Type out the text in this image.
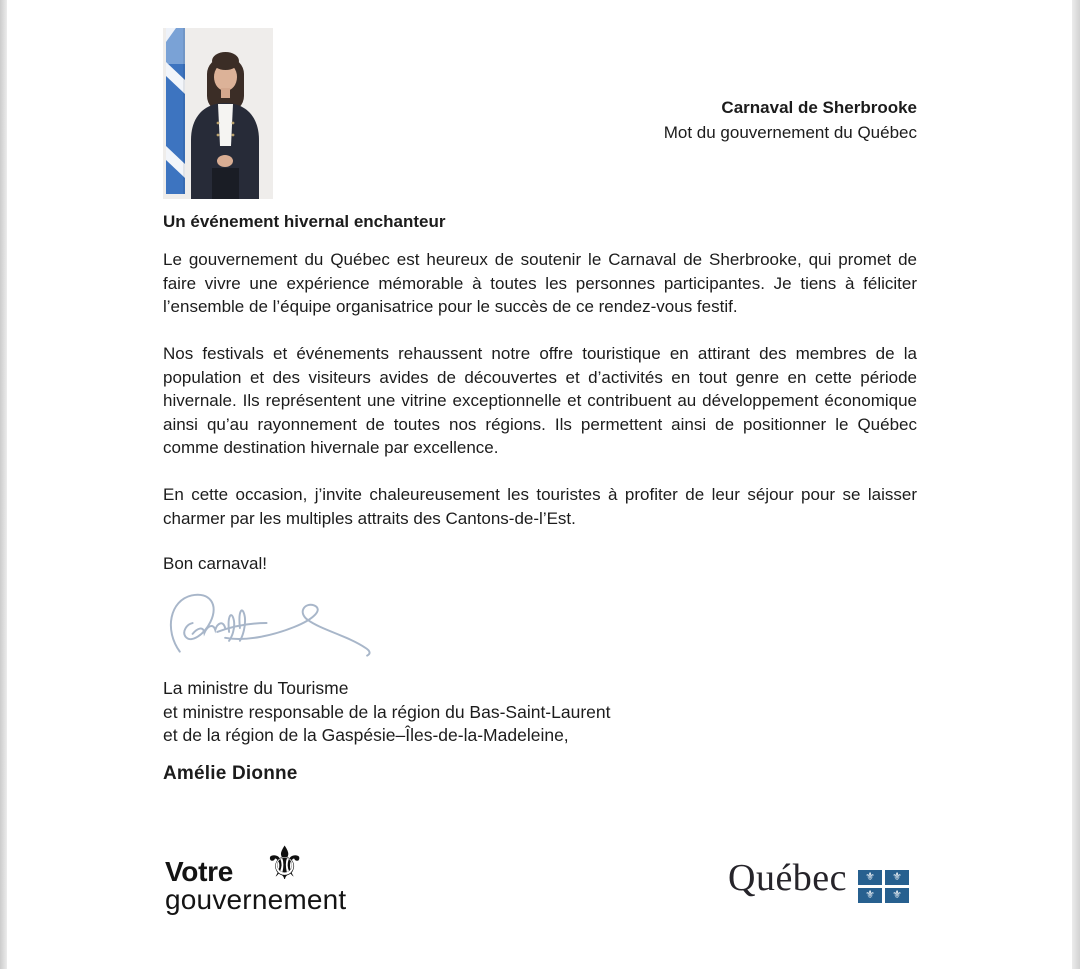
Carnaval de Sherbrooke
Mot du gouvernement du Québec
Un événement hivernal enchanteur
Le gouvernement du Québec est heureux de soutenir le Carnaval de Sherbrooke, qui promet de faire vivre une expérience mémorable à toutes les personnes participantes. Je tiens à féliciter l’ensemble de l’équipe organisatrice pour le succès de ce rendez-vous festif.
Nos festivals et événements rehaussent notre offre touristique en attirant des membres de la population et des visiteurs avides de découvertes et d’activités en tout genre en cette période hivernale. Ils représentent une vitrine exceptionnelle et contribuent au développement économique ainsi qu’au rayonnement de toutes nos régions. Ils permettent ainsi de positionner le Québec comme destination hivernale par excellence.
En cette occasion, j’invite chaleureusement les touristes à profiter de leur séjour pour se laisser charmer par les multiples attraits des Cantons-de-l’Est.
Bon carnaval!
La ministre du Tourisme
et ministre responsable de la région du Bas-Saint-Laurent
et de la région de la Gaspésie–Îles-de-la-Madeleine,
Amélie Dionne
Votre ⚜
gouvernement
Québec	⚜	⚜
⚜	⚜
